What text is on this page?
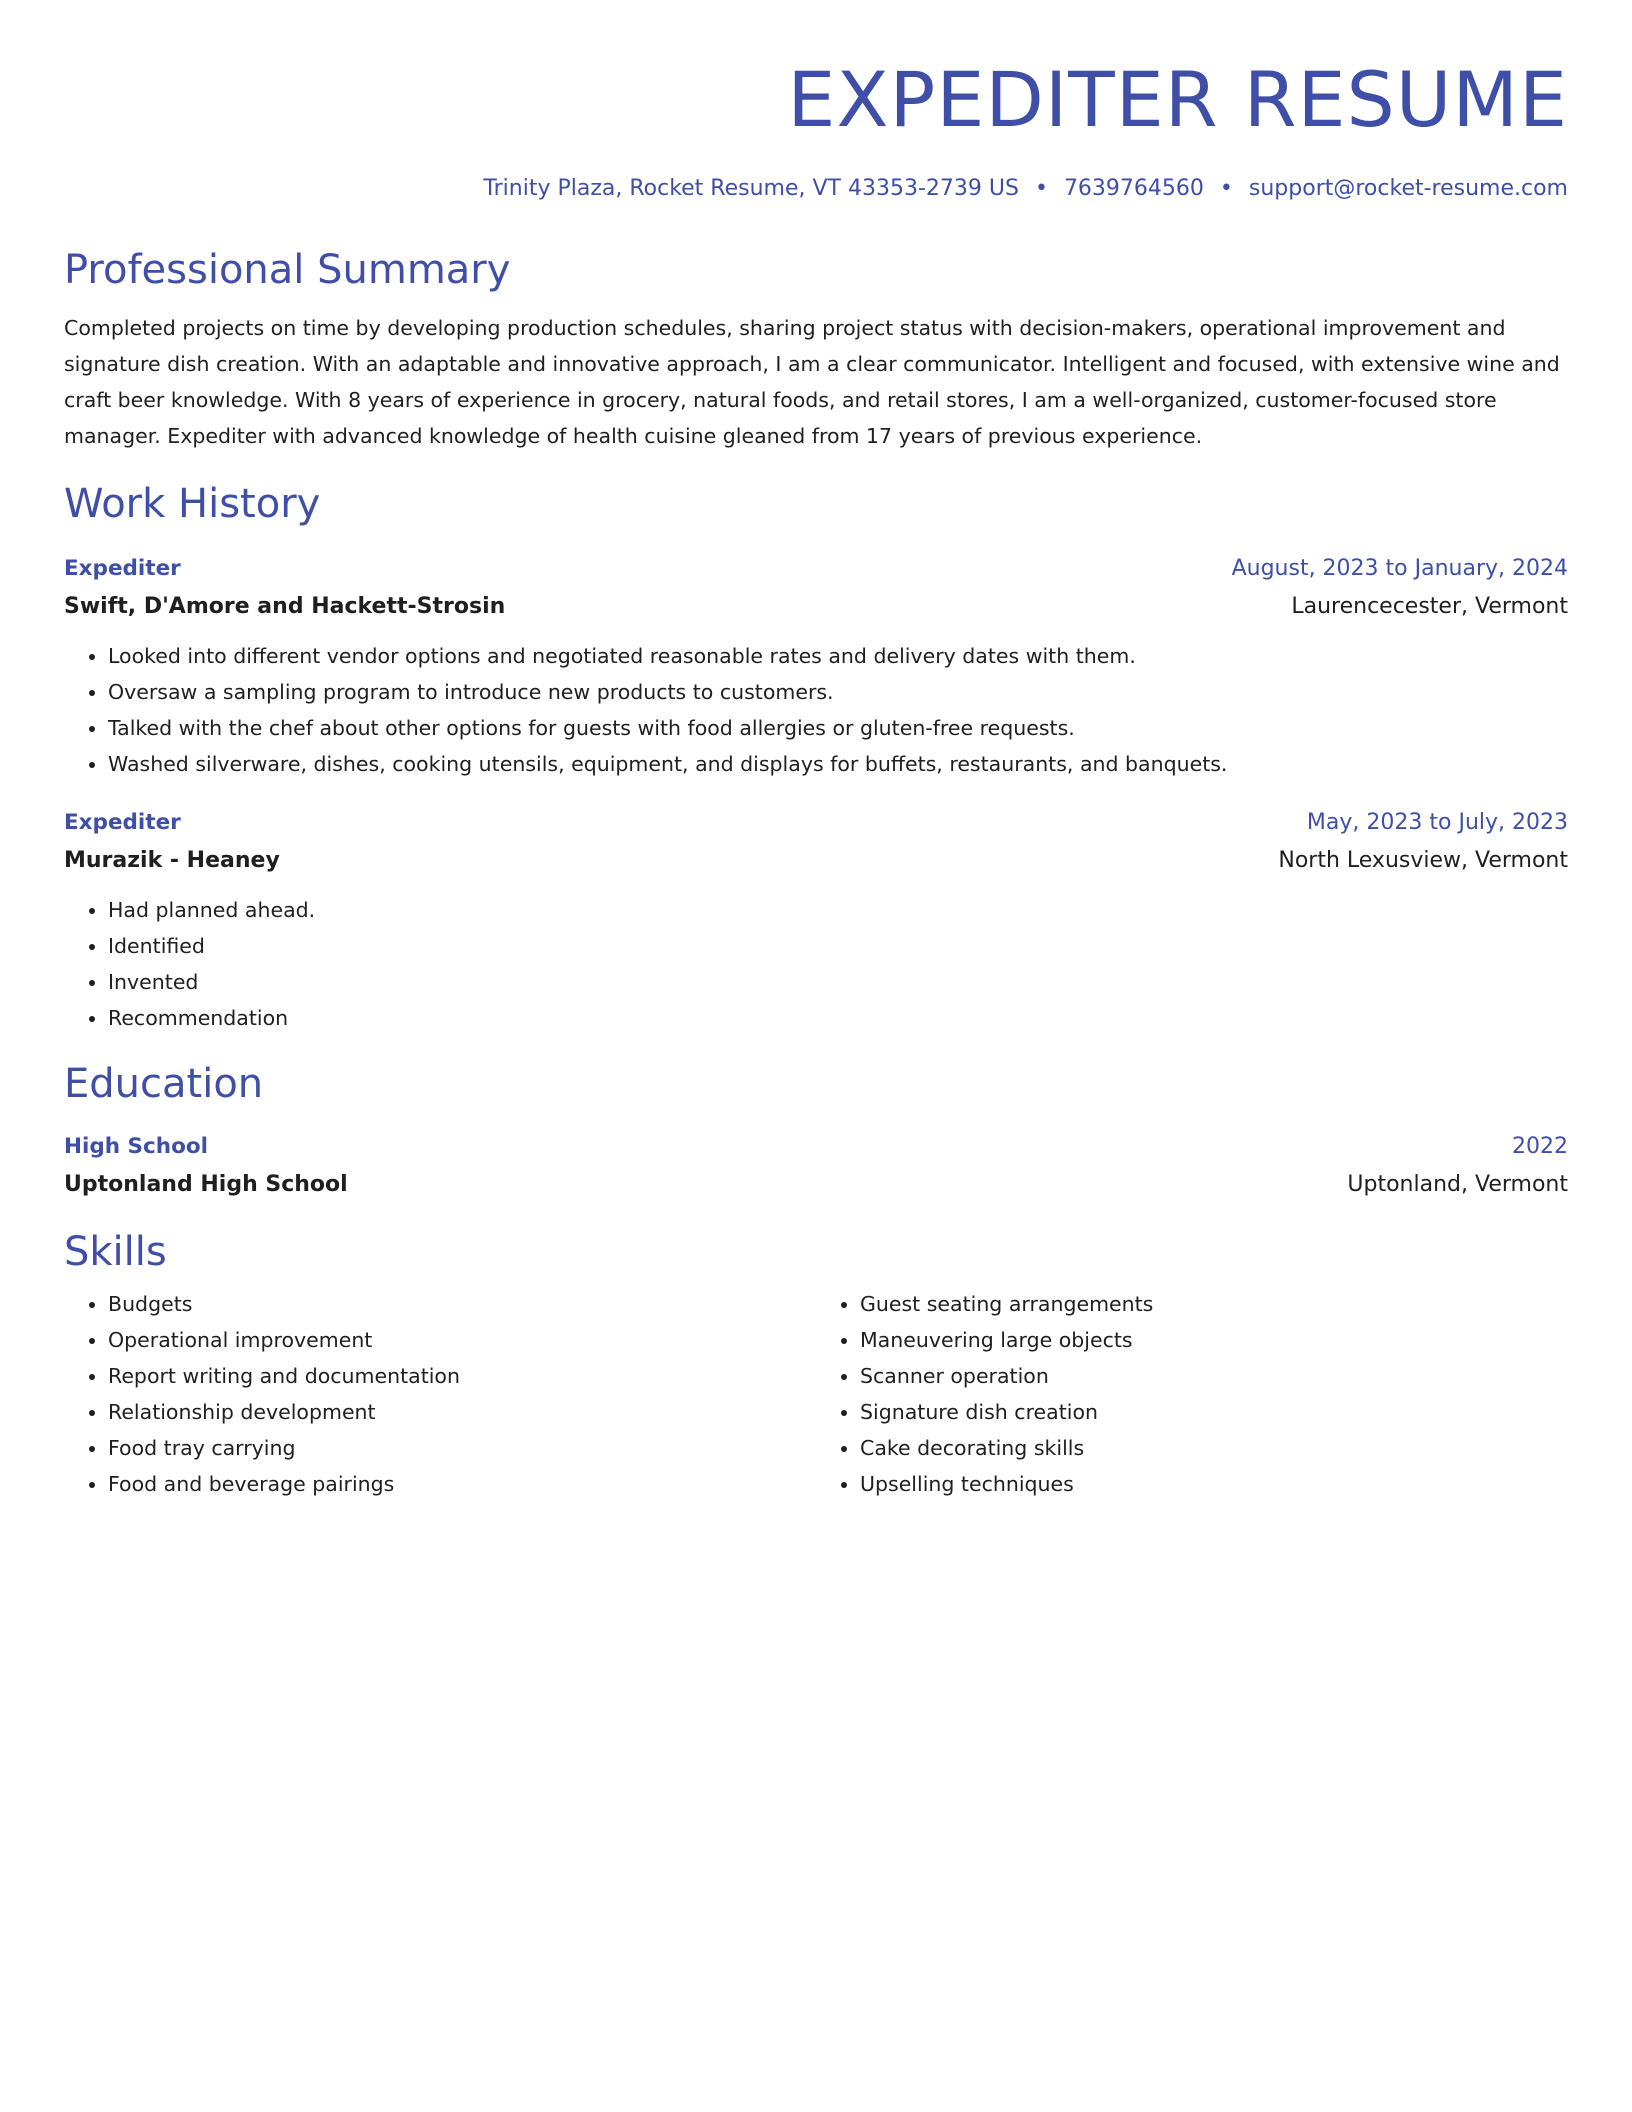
EXPEDITER RESUME
Trinity Plaza, Rocket Resume, VT 43353-2739 US • 7639764560 • support@rocket-resume.com
Professional Summary
Completed projects on time by developing production schedules, sharing project status with decision-makers, operational improvement and signature dish creation. With an adaptable and innovative approach, I am a clear communicator. Intelligent and focused, with extensive wine and craft beer knowledge. With 8 years of experience in grocery, natural foods, and retail stores, I am a well-organized, customer-focused store manager. Expediter with advanced knowledge of health cuisine gleaned from 17 years of previous experience.
Work History
Expediter	August, 2023 to January, 2024
Swift, D'Amore and Hackett-Strosin	Laurencecester, Vermont
• Looked into different vendor options and negotiated reasonable rates and delivery dates with them.
• Oversaw a sampling program to introduce new products to customers.
• Talked with the chef about other options for guests with food allergies or gluten-free requests.
• Washed silverware, dishes, cooking utensils, equipment, and displays for buffets, restaurants, and banquets.
Expediter	May, 2023 to July, 2023
Murazik - Heaney	North Lexusview, Vermont
• Had planned ahead.
• Identified
• Invented
• Recommendation
Education
High School	2022
Uptonland High School	Uptonland, Vermont
Skills
• Budgets
• Operational improvement
• Report writing and documentation
• Relationship development
• Food tray carrying
• Food and beverage pairings
• Guest seating arrangements
• Maneuvering large objects
• Scanner operation
• Signature dish creation
• Cake decorating skills
• Upselling techniques
